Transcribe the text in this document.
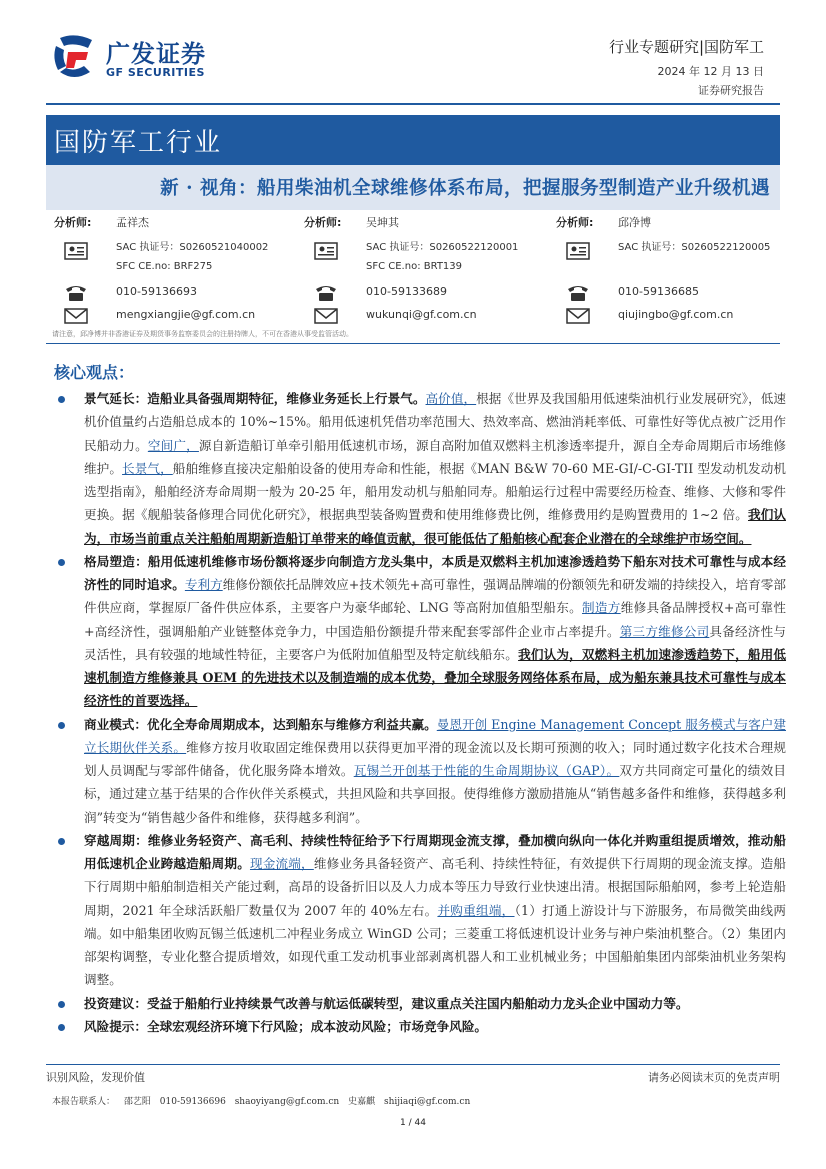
广发证券
GF SECURITIES
行业专题研究|国防军工
2024 年 12 月 13 日
证券研究报告
国防军工行业
新 · 视角：船用柴油机全球维修体系布局，把握服务型制造产业升级机遇
分析师: 孟祥杰
SAC 执证号：S0260521040002
SFC CE.no: BRF275
010-59136693
mengxiangjie@gf.com.cn
分析师: 吴坤其
SAC 执证号：S0260522120001
SFC CE.no: BRT139
010-59133689
wukunqi@gf.com.cn
分析师: 邱净博
SAC 执证号：S0260522120005
010-59136685
qiujingbo@gf.com.cn
请注意，邱净博并非香港证券及期货事务监察委员会的注册持牌人，不可在香港从事受监管活动。
核心观点：
景气延长：造船业具备强周期特征，维修业务延长上行景气。高价值，根据《世界及我国船用低速柴油机行业发展研究》，低速机价值量约占造船总成本的 10%~15%。船用低速机凭借功率范围大、热效率高、燃油消耗率低、可靠性好等优点被广泛用作民船动力。空间广，源自新造船订单牵引船用低速机市场，源自高附加值双燃料主机渗透率提升，源自全寿命周期后市场维修维护。长景气，船舶维修直接决定船舶设备的使用寿命和性能，根据《MAN B&W 70-60 ME-GI/-C-GI-TII 型发动机发动机选型指南》，船舶经济寿命周期一般为 20-25 年，船用发动机与船舶同寿。船舶运行过程中需要经历检查、维修、大修和零件更换。据《舰船装备修理合同优化研究》，根据典型装备购置费和使用维修费比例，维修费用约是购置费用的 1~2 倍。我们认为，市场当前重点关注船舶周期新造船订单带来的峰值贡献，很可能低估了船舶核心配套企业潜在的全球维护市场空间。
格局塑造：船用低速机维修市场份额将逐步向制造方龙头集中，本质是双燃料主机加速渗透趋势下船东对技术可靠性与成本经济性的同时追求。专利方维修份额依托品牌效应+技术领先+高可靠性，强调品牌端的份额领先和研发端的持续投入，培育零部件供应商，掌握原厂备件供应体系，主要客户为豪华邮轮、LNG 等高附加值船型船东。制造方维修具备品牌授权+高可靠性+高经济性，强调船舶产业链整体竞争力，中国造船份额提升带来配套零部件企业市占率提升。第三方维修公司具备经济性与灵活性，具有较强的地域性特征，主要客户为低附加值船型及特定航线船东。我们认为，双燃料主机加速渗透趋势下，船用低速机制造方维修兼具 OEM 的先进技术以及制造端的成本优势，叠加全球服务网络体系布局，成为船东兼具技术可靠性与成本经济性的首要选择。
商业模式：优化全寿命周期成本，达到船东与维修方利益共赢。曼恩开创 Engine Management Concept 服务模式与客户建立长期伙伴关系。维修方按月收取固定维保费用以获得更加平滑的现金流以及长期可预测的收入；同时通过数字化技术合理规划人员调配与零部件储备，优化服务降本增效。瓦锡兰开创基于性能的生命周期协议（GAP）。双方共同商定可量化的绩效目标，通过建立基于结果的合作伙伴关系模式，共担风险和共享回报。使得维修方激励措施从“销售越多备件和维修，获得越多利润”转变为“销售越少备件和维修，获得越多利润”。
穿越周期：维修业务轻资产、高毛利、持续性特征给予下行周期现金流支撑，叠加横向纵向一体化并购重组提质增效，推动船用低速机企业跨越造船周期。现金流端，维修业务具备轻资产、高毛利、持续性特征，有效提供下行周期的现金流支撑。造船下行周期中船舶制造相关产能过剩，高昂的设备折旧以及人力成本等压力导致行业快速出清。根据国际船舶网，参考上轮造船周期，2021 年全球活跃船厂数量仅为 2007 年的 40%左右。并购重组端，（1）打通上游设计与下游服务，布局微笑曲线两端。如中船集团收购瓦锡兰低速机二冲程业务成立 WinGD 公司；三菱重工将低速机设计业务与神户柴油机整合。（2）集团内部架构调整，专业化整合提质增效，如现代重工发动机事业部剥离机器人和工业机械业务；中国船舶集团内部柴油机业务架构调整。
投资建议：受益于船舶行业持续景气改善与航运低碳转型，建议重点关注国内船舶动力龙头企业中国动力等。
风险提示：全球宏观经济环境下行风险；成本波动风险；市场竞争风险。
识别风险，发现价值	请务必阅读末页的免责声明
本报告联系人： 邵艺阳 010-59136696 shaoyiyang@gf.com.cn 史嘉麒 shijiaqi@gf.com.cn
1 / 44
